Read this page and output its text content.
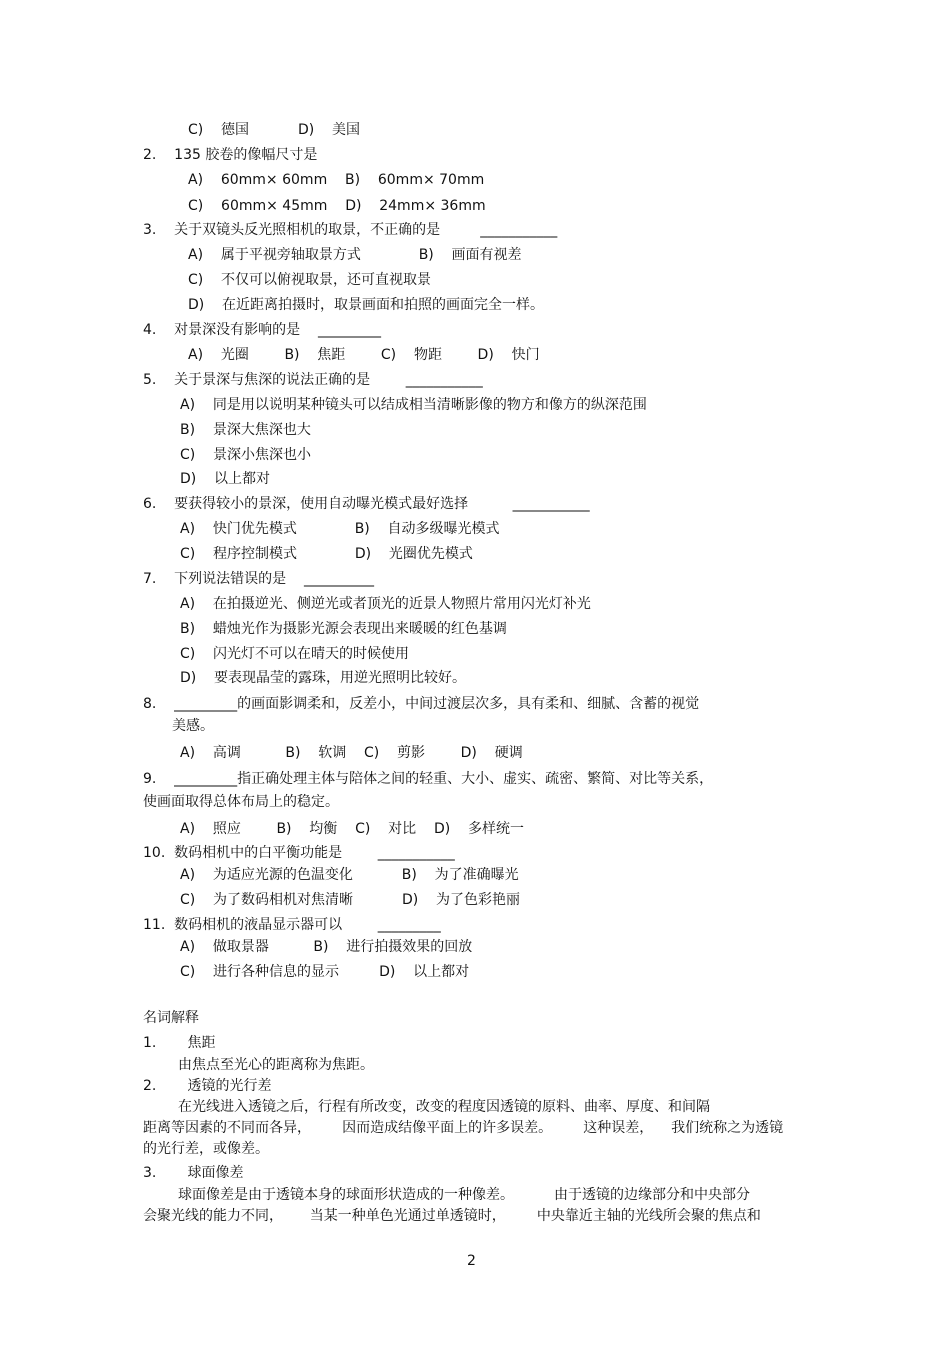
C)    德国           D)    美国
2.    135 胶卷的像幅尺寸是
A)    60mm× 60mm    B)    60mm× 70mm
C)    60mm× 45mm    D)    24mm× 36mm
3.    关于双镜头反光照相机的取景，不正确的是         ___________
A)    属于平视旁轴取景方式             B)    画面有视差
C)    不仅可以俯视取景，还可直视取景
D)    在近距离拍摄时，取景画面和拍照的画面完全一样。
4.    对景深没有影响的是    _________
A)    光圈        B)    焦距        C)    物距        D)    快门
5.    关于景深与焦深的说法正确的是        ___________
A)    同是用以说明某种镜头可以结成相当清晰影像的物方和像方的纵深范围
B)    景深大焦深也大
C)    景深小焦深也小
D)    以上都对
6.    要获得较小的景深，使用自动曝光模式最好选择          ___________
A)    快门优先模式             B)    自动多级曝光模式
C)    程序控制模式             D)    光圈优先模式
7.    下列说法错误的是    __________
A)    在拍摄逆光、侧逆光或者顶光的近景人物照片常用闪光灯补光
B)    蜡烛光作为摄影光源会表现出来暖暖的红色基调
C)    闪光灯不可以在晴天的时候使用
D)    要表现晶莹的露珠，用逆光照明比较好。
8.    _________的画面影调柔和，反差小，中间过渡层次多，具有柔和、细腻、含蓄的视觉
美感。
A)    高调          B)    软调    C)    剪影        D)    硬调
9.    _________指正确处理主体与陪体之间的轻重、大小、虚实、疏密、繁简、对比等关系，
使画面取得总体布局上的稳定。
A)    照应        B)    均衡    C)    对比    D)    多样统一
10.  数码相机中的白平衡功能是        ___________
A)    为适应光源的色温变化           B)    为了准确曝光
C)    为了数码相机对焦清晰           D)    为了色彩艳丽
11.  数码相机的液晶显示器可以        _________
A)    做取景器          B)    进行拍摄效果的回放
C)    进行各种信息的显示         D)    以上都对
名词解释
1.       焦距
由焦点至光心的距离称为焦距。
2.       透镜的光行差
在光线进入透镜之后，行程有所改变，改变的程度因透镜的原料、曲率、厚度、和间隔
距离等因素的不同而各异，       因而造成结像平面上的许多误差。       这种误差，    我们统称之为透镜
的光行差，或像差。
3.       球面像差
球面像差是由于透镜本身的球面形状造成的一种像差。         由于透镜的边缘部分和中央部分
会聚光线的能力不同，      当某一种单色光通过单透镜时，       中央靠近主轴的光线所会聚的焦点和
2
